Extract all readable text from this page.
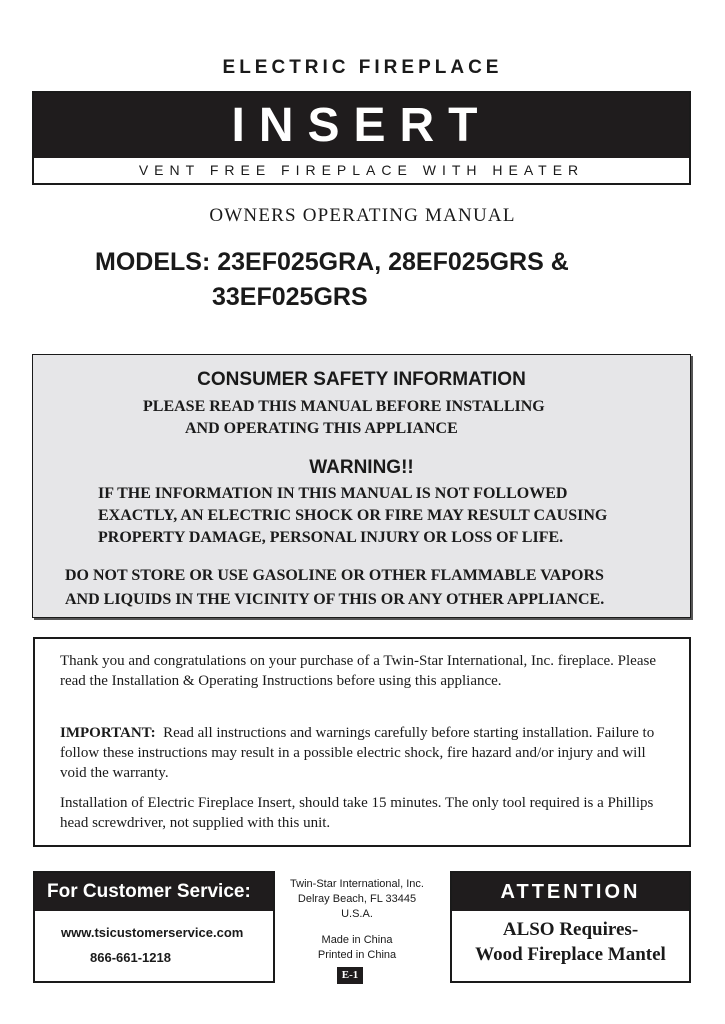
ELECTRIC FIREPLACE
INSERT
VENT FREE FIREPLACE WITH HEATER
OWNERS OPERATING MANUAL
MODELS: 23EF025GRA, 28EF025GRS &
33EF025GRS
CONSUMER SAFETY INFORMATION
PLEASE READ THIS MANUAL BEFORE INSTALLING
AND OPERATING THIS APPLIANCE
WARNING!!
IF THE INFORMATION IN THIS MANUAL IS NOT FOLLOWED
EXACTLY, AN ELECTRIC SHOCK OR FIRE MAY RESULT CAUSING
PROPERTY DAMAGE, PERSONAL INJURY OR LOSS OF LIFE.
DO NOT STORE OR USE GASOLINE OR OTHER FLAMMABLE VAPORS
AND LIQUIDS IN THE VICINITY OF THIS OR ANY OTHER APPLIANCE.
Thank you and congratulations on your purchase of a Twin-Star International, Inc. fireplace. Please read the Installation & Operating Instructions before using this appliance.
IMPORTANT: Read all instructions and warnings carefully before starting installation. Failure to follow these instructions may result in a possible electric shock, fire hazard and/or injury and will void the warranty.
Installation of Electric Fireplace Insert, should take 15 minutes. The only tool required is a Phillips head screwdriver, not supplied with this unit.
For Customer Service:
www.tsicustomerservice.com
866-661-1218
Twin-Star International, Inc.
Delray Beach, FL 33445
U.S.A.
Made in China
Printed in China
E-1
ATTENTION
ALSO Requires-
Wood Fireplace Mantel
